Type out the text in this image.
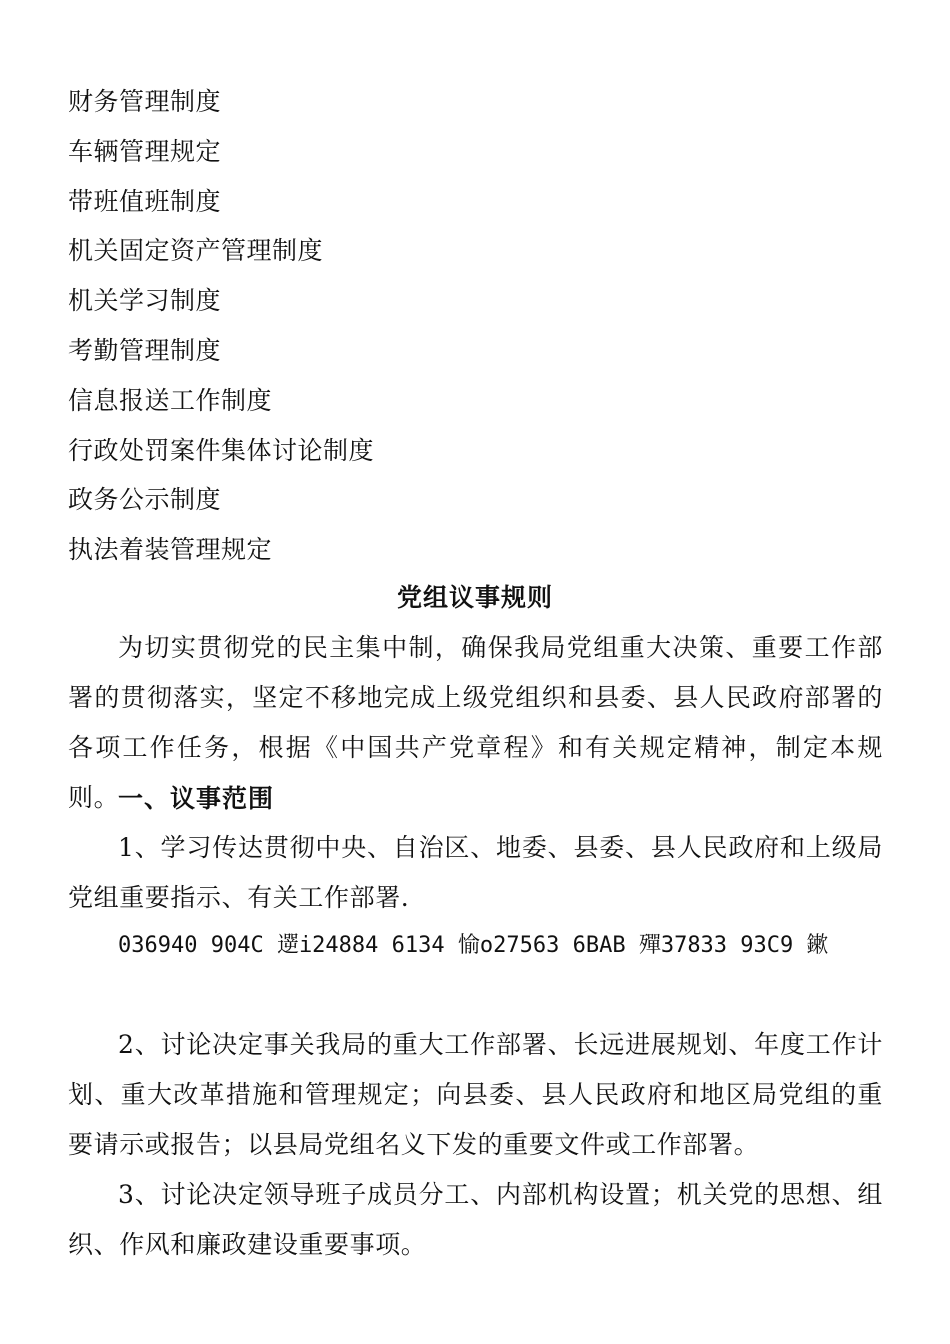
财务管理制度
车辆管理规定
带班值班制度
机关固定资产管理制度
机关学习制度
考勤管理制度
信息报送工作制度
行政处罚案件集体讨论制度
政务公示制度
执法着装管理规定
党组议事规则

为切实贯彻党的民主集中制，确保我局党组重大决策、重要工作部署的贯彻落实，坚定不移地完成上级党组织和县委、县人民政府部署的各项工作任务，根据《中国共产党章程》和有关规定精神，制定本规则。

一、议事范围

1、学习传达贯彻中央、自治区、地委、县委、县人民政府和上级局党组重要指示、有关工作部署.

036940 904C 遻i24884 6134 愉o27563 6BAB 殫37833 93C9 鏉

2、讨论决定事关我局的重大工作部署、长远进展规划、年度工作计划、重大改革措施和管理规定；向县委、县人民政府和地区局党组的重要请示或报告；以县局党组名义下发的重要文件或工作部署。

3、讨论决定领导班子成员分工、内部机构设置；机关党的思想、组织、作风和廉政建设重要事项。
